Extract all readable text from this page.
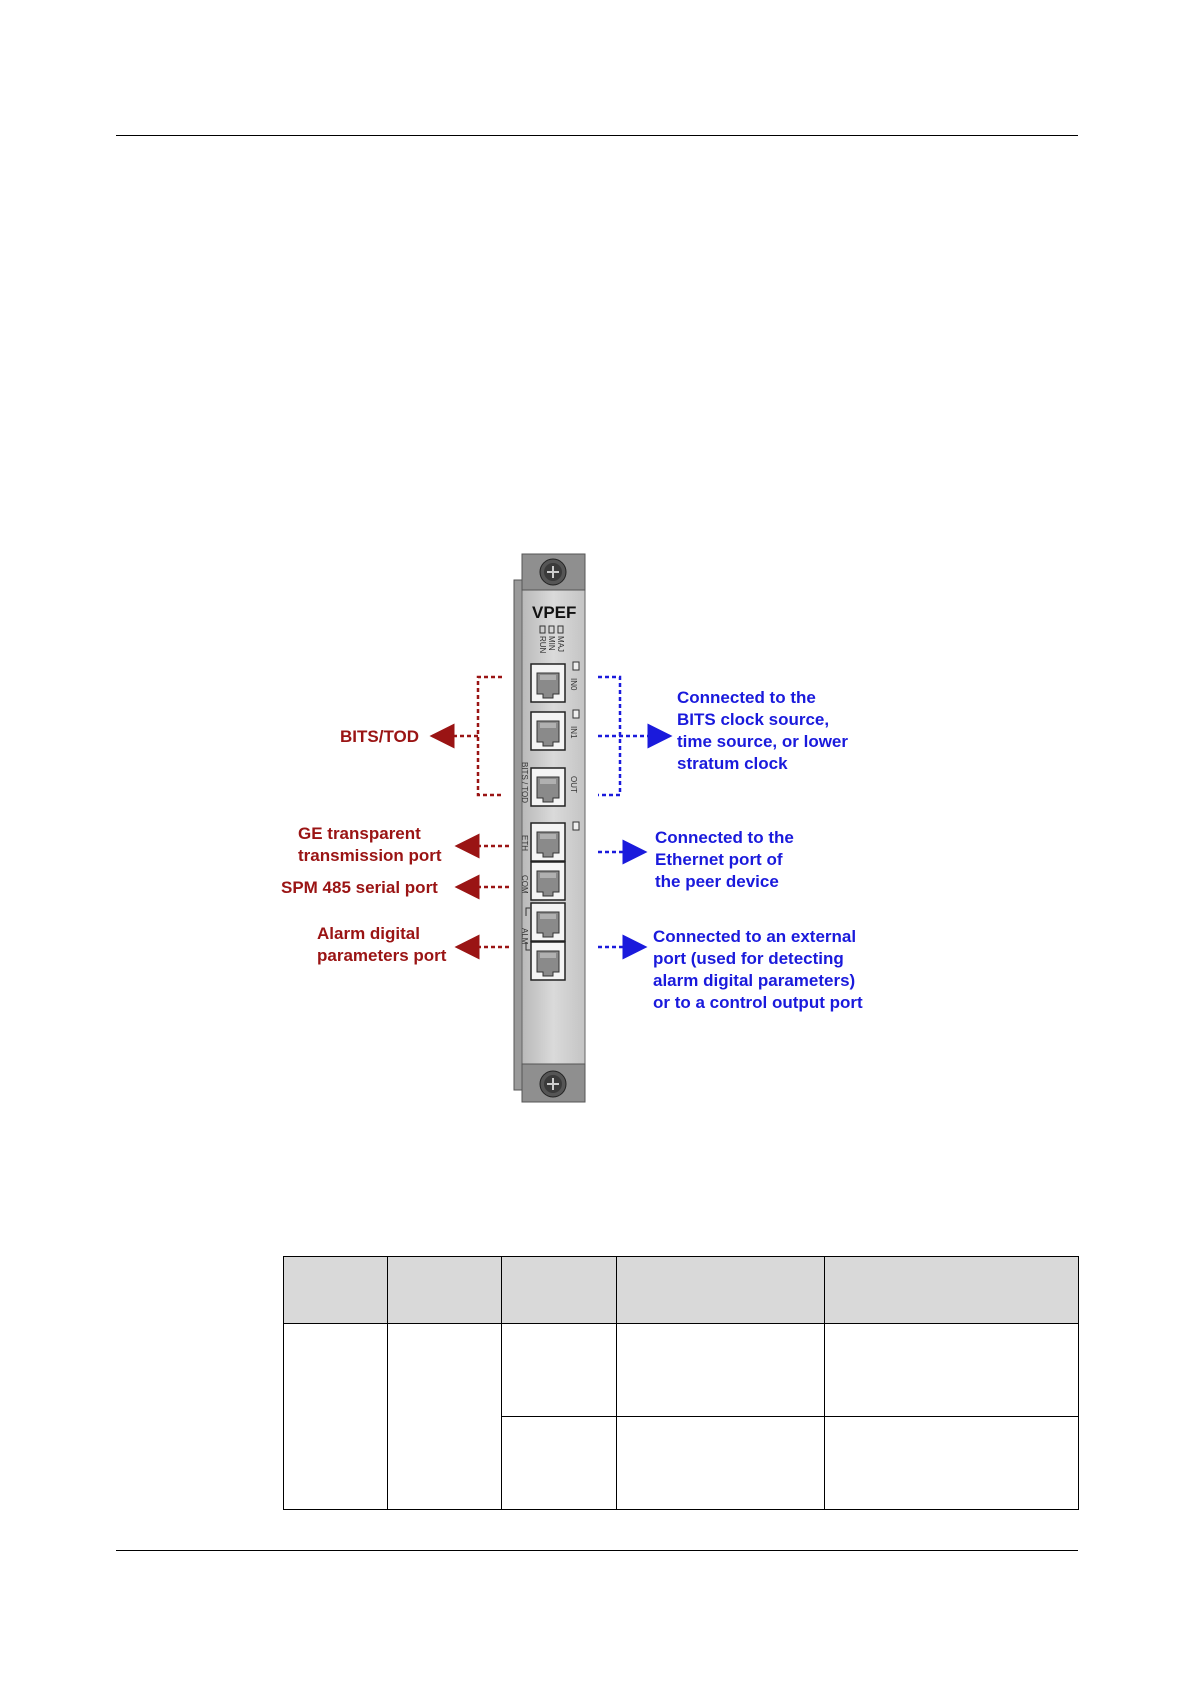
VPEF
RUN MIN MAJ
IN0
IN1
OUT
BITS / TOD
ETH
COM
ALM
BITS/TOD
GE transparent
transmission port
SPM 485 serial port
Alarm digital
parameters port
Connected to the
BITS clock source,
time source, or lower
stratum clock
Connected to the
Ethernet port of
the peer device
Connected to an external
port (used for detecting
alarm digital parameters)
or to a control output port
